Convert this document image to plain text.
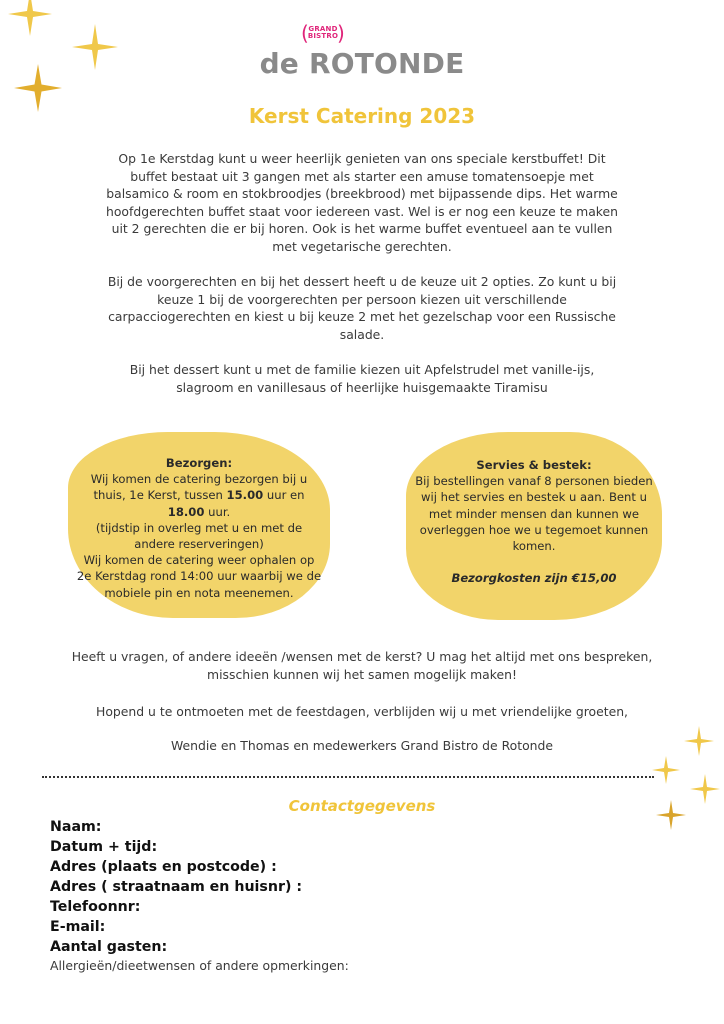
( GRAND
BISTRO
)
de ROTONDE
Kerst Catering 2023

Op 1e Kerstdag kunt u weer heerlijk genieten van ons speciale kerstbuffet! Dit buffet bestaat uit 3 gangen met als starter een amuse tomatensoepje met balsamico & room en stokbroodjes (breekbrood) met bijpassende dips. Het warme hoofdgerechten buffet staat voor iedereen vast. Wel is er nog een keuze te maken uit 2 gerechten die er bij horen. Ook is het warme buffet eventueel aan te vullen met vegetarische gerechten.

Bij de voorgerechten en bij het dessert heeft u de keuze uit 2 opties. Zo kunt u bij keuze 1 bij de voorgerechten per persoon kiezen uit verschillende carpacciogerechten en kiest u bij keuze 2 met het gezelschap voor een Russische salade.

Bij het dessert kunt u met de familie kiezen uit Apfelstrudel met vanille-ijs, slagroom en vanillesaus of heerlijke huisgemaakte Tiramisu

Bezorgen:
Wij komen de catering bezorgen bij u thuis, 1e Kerst, tussen 15.00 uur en 18.00 uur.
(tijdstip in overleg met u en met de andere reserveringen)
Wij komen de catering weer ophalen op 2e Kerstdag rond 14:00 uur waarbij we de mobiele pin en nota meenemen.
Servies & bestek:
Bij bestellingen vanaf 8 personen bieden wij het servies en bestek u aan. Bent u met minder mensen dan kunnen we overleggen hoe we u tegemoet kunnen komen.
Bezorgkosten zijn €15,00
Heeft u vragen, of andere ideeën /wensen met de kerst? U mag het altijd met ons bespreken, misschien kunnen wij het samen mogelijk maken!
Hopend u te ontmoeten met de feestdagen, verblijden wij u met vriendelijke groeten,
Wendie en Thomas en medewerkers Grand Bistro de Rotonde
Contactgegevens
Naam:
Datum + tijd:
Adres (plaats en postcode) :
Adres ( straatnaam en huisnr) :
Telefoonnr:
E-mail:
Aantal gasten:
Allergieën/dieetwensen of andere opmerkingen:
